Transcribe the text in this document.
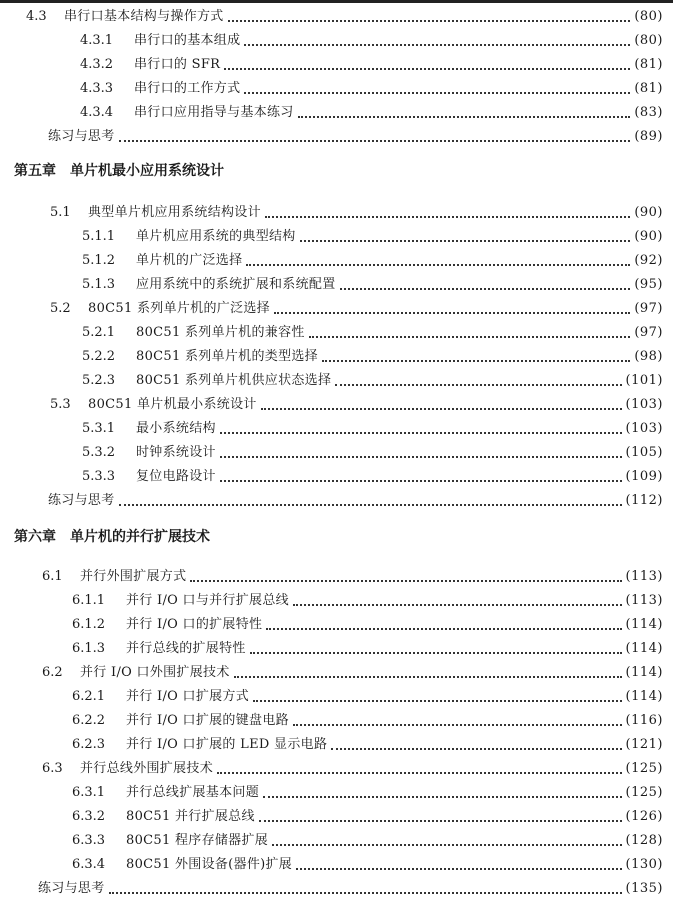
4.3	串行口基本结构与操作方式	(80)
4.3.1	串行口的基本组成	(80)
4.3.2	串行口的 SFR	(81)
4.3.3	串行口的工作方式	(81)
4.3.4	串行口应用指导与基本练习	(83)
练习与思考	(89)
第五章 单片机最小应用系统设计
5.1	典型单片机应用系统结构设计	(90)
5.1.1	单片机应用系统的典型结构	(90)
5.1.2	单片机的广泛选择	(92)
5.1.3	应用系统中的系统扩展和系统配置	(95)
5.2	80C51 系列单片机的广泛选择	(97)
5.2.1	80C51 系列单片机的兼容性	(97)
5.2.2	80C51 系列单片机的类型选择	(98)
5.2.3	80C51 系列单片机供应状态选择	(101)
5.3	80C51 单片机最小系统设计	(103)
5.3.1	最小系统结构	(103)
5.3.2	时钟系统设计	(105)
5.3.3	复位电路设计	(109)
练习与思考	(112)
第六章 单片机的并行扩展技术
6.1	并行外围扩展方式	(113)
6.1.1	并行 I/O 口与并行扩展总线	(113)
6.1.2	并行 I/O 口的扩展特性	(114)
6.1.3	并行总线的扩展特性	(114)
6.2	并行 I/O 口外围扩展技术	(114)
6.2.1	并行 I/O 口扩展方式	(114)
6.2.2	并行 I/O 口扩展的键盘电路	(116)
6.2.3	并行 I/O 口扩展的 LED 显示电路	(121)
6.3	并行总线外围扩展技术	(125)
6.3.1	并行总线扩展基本问题	(125)
6.3.2	80C51 并行扩展总线	(126)
6.3.3	80C51 程序存储器扩展	(128)
6.3.4	80C51 外围设备(器件)扩展	(130)
练习与思考	(135)
